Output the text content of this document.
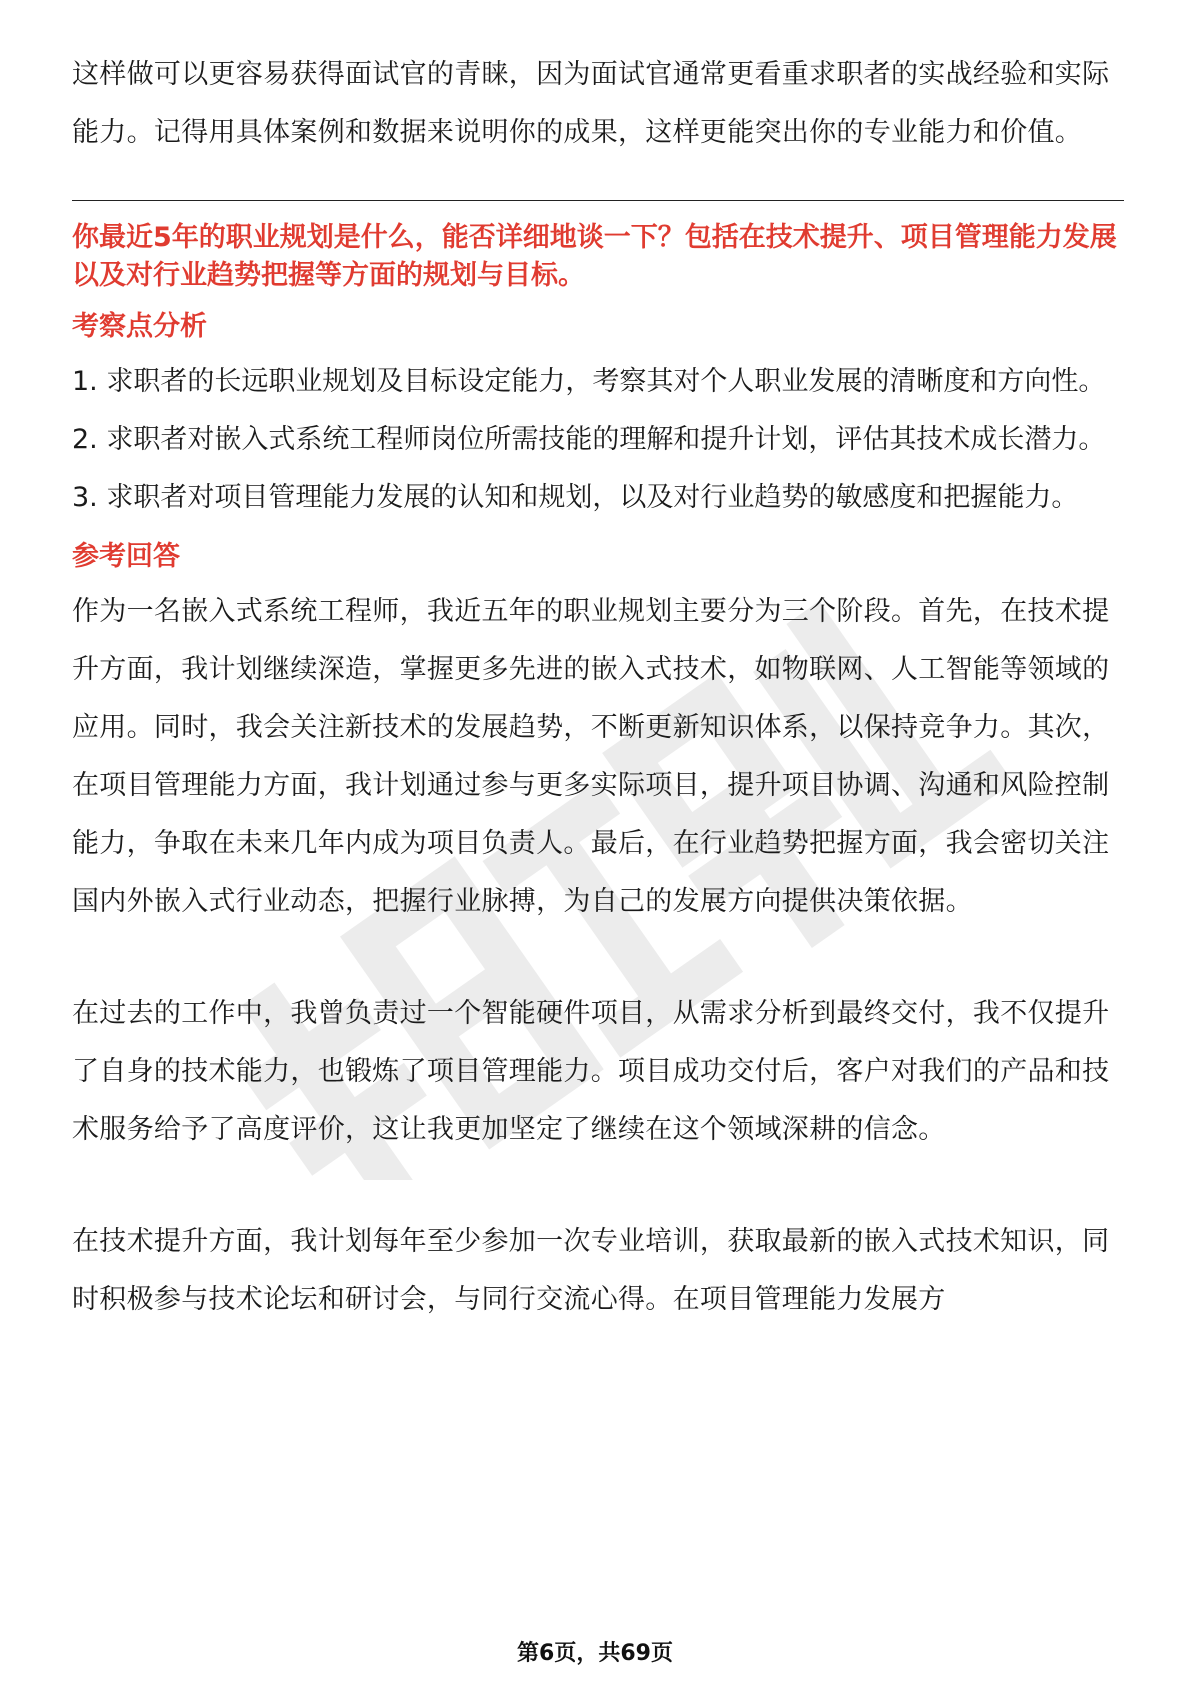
这样做可以更容易获得面试官的青睐，因为面试官通常更看重求职者的实战经验和实际能力。记得用具体案例和数据来说明你的成果，这样更能突出你的专业能力和价值。

你最近5年的职业规划是什么，能否详细地谈一下？包括在技术提升、项目管理能力发展以及对行业趋势把握等方面的规划与目标。

考察点分析

1. 求职者的长远职业规划及目标设定能力，考察其对个人职业发展的清晰度和方向性。

2. 求职者对嵌入式系统工程师岗位所需技能的理解和提升计划，评估其技术成长潜力。

3. 求职者对项目管理能力发展的认知和规划，以及对行业趋势的敏感度和把握能力。

参考回答

作为一名嵌入式系统工程师，我近五年的职业规划主要分为三个阶段。首先，在技术提升方面，我计划继续深造，掌握更多先进的嵌入式技术，如物联网、人工智能等领域的应用。同时，我会关注新技术的发展趋势，不断更新知识体系，以保持竞争力。其次，在项目管理能力方面，我计划通过参与更多实际项目，提升项目协调、沟通和风险控制能力，争取在未来几年内成为项目负责人。最后，在行业趋势把握方面，我会密切关注国内外嵌入式行业动态，把握行业脉搏，为自己的发展方向提供决策依据。

在过去的工作中，我曾负责过一个智能硬件项目，从需求分析到最终交付，我不仅提升了自身的技术能力，也锻炼了项目管理能力。项目成功交付后，客户对我们的产品和技术服务给予了高度评价，这让我更加坚定了继续在这个领域深耕的信念。

在技术提升方面，我计划每年至少参加一次专业培训，获取最新的嵌入式技术知识，同时积极参与技术论坛和研讨会，与同行交流心得。在项目管理能力发展方

第6页，共69页
